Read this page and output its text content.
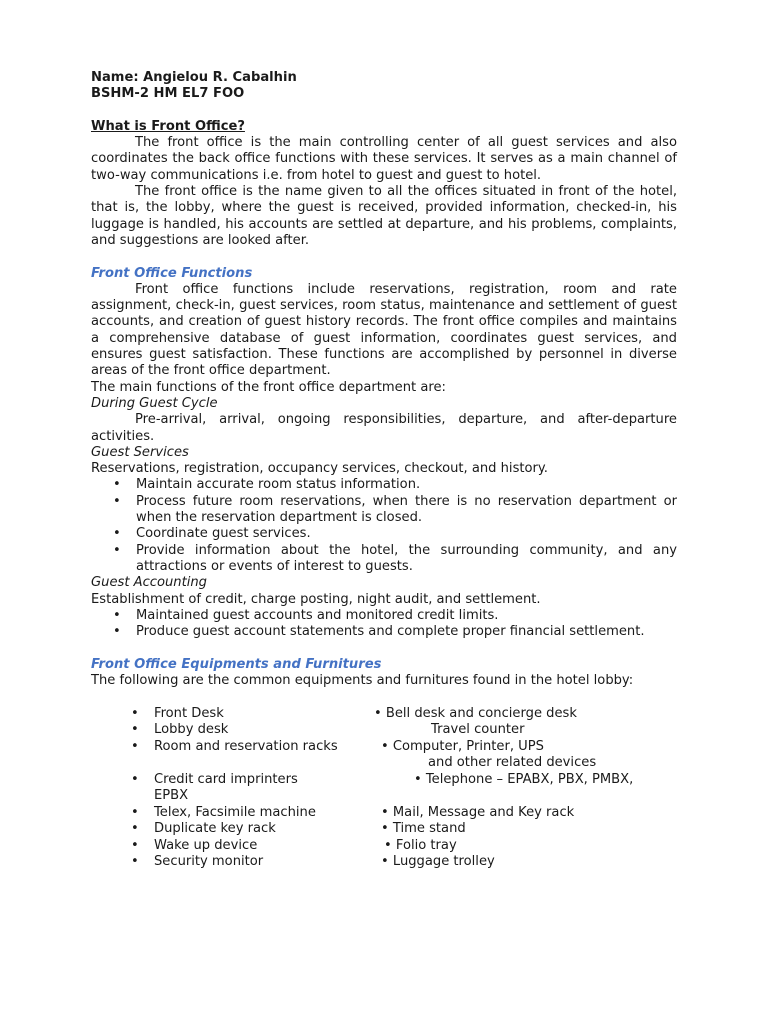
Name: Angielou R. Cabalhin

BSHM-2 HM EL7 FOO

What is Front Office?

The front office is the main controlling center of all guest services and also coordinates the back office functions with these services. It serves as a main channel of two-way communications i.e. from hotel to guest and guest to hotel.

The front office is the name given to all the offices situated in front of the hotel, that is, the lobby, where the guest is received, provided information, checked-in, his luggage is handled, his accounts are settled at departure, and his problems, complaints, and suggestions are looked after.

Front Office Functions

Front office functions include reservations, registration, room and rate assignment, check-in, guest services, room status, maintenance and settlement of guest accounts, and creation of guest history records. The front office compiles and maintains a comprehensive database of guest information, coordinates guest services, and ensures guest satisfaction. These functions are accomplished by personnel in diverse areas of the front office department.

The main functions of the front office department are:

During Guest Cycle

Pre-arrival, arrival, ongoing responsibilities, departure, and after-departure activities.

Guest Services

Reservations, registration, occupancy services, checkout, and history.

• Maintain accurate room status information.
• Process future room reservations, when there is no reservation department or when the reservation department is closed.
• Coordinate guest services.
• Provide information about the hotel, the surrounding community, and any attractions or events of interest to guests.

Guest Accounting

Establishment of credit, charge posting, night audit, and settlement.

• Maintained guest accounts and monitored credit limits.
• Produce guest account statements and complete proper financial settlement.

Front Office Equipments and Furnitures

The following are the common equipments and furnitures found in the hotel lobby:

• Front Desk	• Bell desk and concierge desk
• Lobby desk	Travel counter
• Room and reservation racks	• Computer, Printer, UPS
and other related devices
• Credit card imprinters	• Telephone – EPABX, PBX, PMBX,
EPBX
• Telex, Facsimile machine	• Mail, Message and Key rack
• Duplicate key rack	• Time stand
• Wake up device	• Folio tray
• Security monitor	• Luggage trolley
